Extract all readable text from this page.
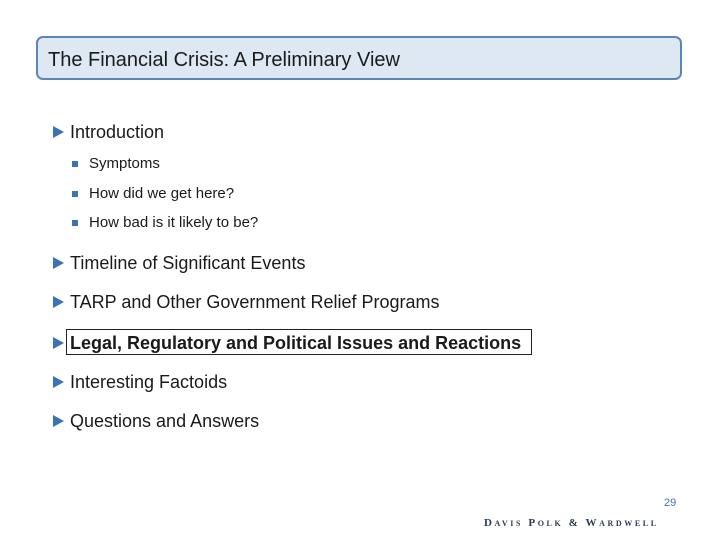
The Financial Crisis: A Preliminary View
Introduction
Symptoms
How did we get here?
How bad is it likely to be?
Timeline of Significant Events
TARP and Other Government Relief Programs
Legal, Regulatory and Political Issues and Reactions
Interesting Factoids
Questions and Answers
29
Davis Polk & Wardwell
